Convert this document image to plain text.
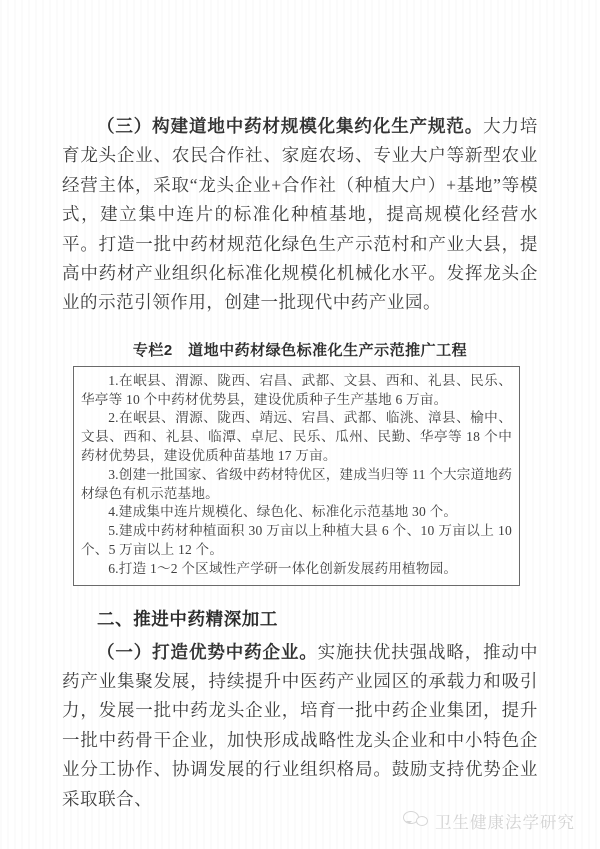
（三）构建道地中药材规模化集约化生产规范。大力培育龙头企业、农民合作社、家庭农场、专业大户等新型农业经营主体，采取“龙头企业+合作社（种植大户）+基地”等模式，建立集中连片的标准化种植基地，提高规模化经营水平。打造一批中药材规范化绿色生产示范村和产业大县，提高中药材产业组织化标准化规模化机械化水平。发挥龙头企业的示范引领作用，创建一批现代中药产业园。

专栏2　道地中药材绿色标准化生产示范推广工程
1.在岷县、渭源、陇西、宕昌、武都、文县、西和、礼县、民乐、华亭等 10 个中药材优势县，建设优质种子生产基地 6 万亩。
2.在岷县、渭源、陇西、靖远、宕昌、武都、临洮、漳县、榆中、文县、西和、礼县、临潭、卓尼、民乐、瓜州、民勤、华亭等 18 个中药材优势县，建设优质种苗基地 17 万亩。
3.创建一批国家、省级中药材特优区，建成当归等 11 个大宗道地药材绿色有机示范基地。
4.建成集中连片规模化、绿色化、标准化示范基地 30 个。
5.建成中药材种植面积 30 万亩以上种植大县 6 个、10 万亩以上 10 个、5 万亩以上 12 个。
6.打造 1～2 个区域性产学研一体化创新发展药用植物园。
二、推进中药精深加工

（一）打造优势中药企业。实施扶优扶强战略，推动中药产业集聚发展，持续提升中医药产业园区的承载力和吸引力，发展一批中药龙头企业，培育一批中药企业集团，提升一批中药骨干企业，加快形成战略性龙头企业和中小特色企业分工协作、协调发展的行业组织格局。鼓励支持优势企业采取联合、

卫生健康法学研究
